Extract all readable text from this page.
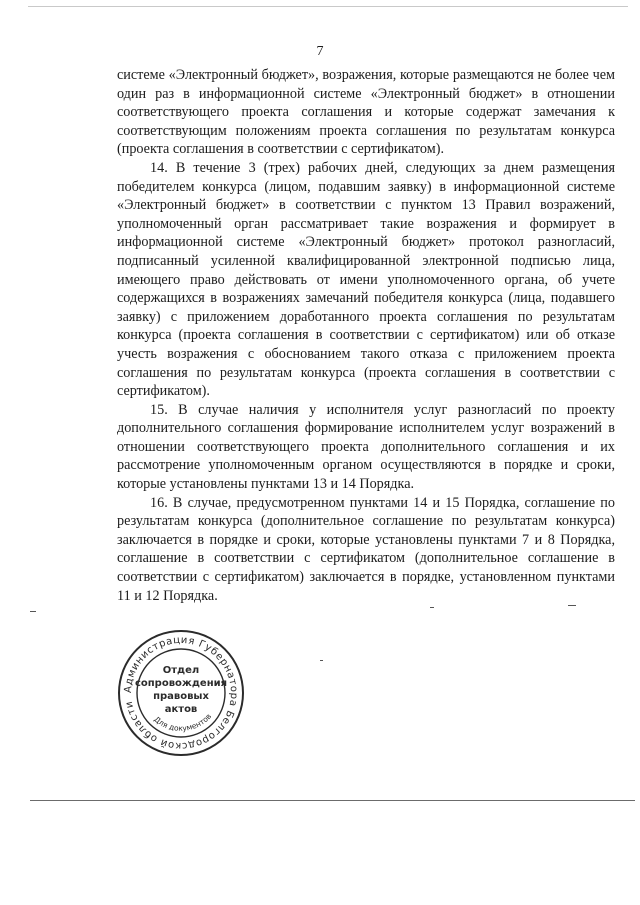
7

системе «Электронный бюджет», возражения, которые размещаются не более чем один раз в информационной системе «Электронный бюджет» в отношении соответствующего проекта соглашения и которые содержат замечания к соответствующим положениям проекта соглашения по результатам конкурса (проекта соглашения в соответствии с сертификатом).

14. В течение 3 (трех) рабочих дней, следующих за днем размещения победителем конкурса (лицом, подавшим заявку) в информационной системе «Электронный бюджет» в соответствии с пунктом 13 Правил возражений, уполномоченный орган рассматривает такие возражения и формирует в информационной системе «Электронный бюджет» протокол разногласий, подписанный усиленной квалифицированной электронной подписью лица, имеющего право действовать от имени уполномоченного органа, об учете содержащихся в возражениях замечаний победителя конкурса (лица, подавшего заявку) с приложением доработанного проекта соглашения по результатам конкурса (проекта соглашения в соответствии с сертификатом) или об отказе учесть возражения с обоснованием такого отказа с приложением проекта соглашения по результатам конкурса (проекта соглашения в соответствии с сертификатом).

15. В случае наличия у исполнителя услуг разногласий по проекту дополнительного соглашения формирование исполнителем услуг возражений в отношении соответствующего проекта дополнительного соглашения и их рассмотрение уполномоченным органом осуществляются в порядке и сроки, которые установлены пунктами 13 и 14 Порядка.

16. В случае, предусмотренном пунктами 14 и 15 Порядка, соглашение по результатам конкурса (дополнительное соглашение по результатам конкурса) заключается в порядке и сроки, которые установлены пунктами 7 и 8 Порядка, соглашение в соответствии с сертификатом (дополнительное соглашение в соответствии с сертификатом) заключается в порядке, установленном пунктами 11 и 12 Порядка.

Администрация Губернатора Белгородской области
Для документов
Отдел
сопровождения
правовых
актов
